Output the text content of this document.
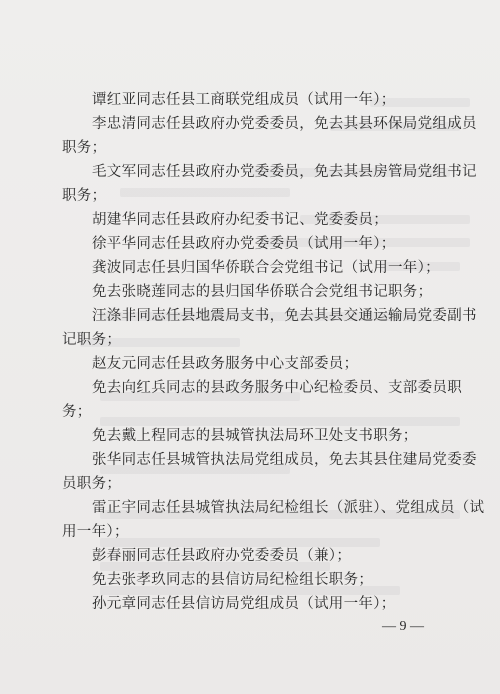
谭红亚同志任县工商联党组成员（试用一年）；
李忠清同志任县政府办党委委员，免去其县环保局党组成员
职务；
毛文军同志任县政府办党委委员，免去其县房管局党组书记
职务；
胡建华同志任县政府办纪委书记、党委委员；
徐平华同志任县政府办党委委员（试用一年）；
龚波同志任县归国华侨联合会党组书记（试用一年）；
免去张晓莲同志的县归国华侨联合会党组书记职务；
汪涤非同志任县地震局支书，免去其县交通运输局党委副书
记职务；
赵友元同志任县政务服务中心支部委员；
免去向红兵同志的县政务服务中心纪检委员、支部委员职
务；
免去戴上程同志的县城管执法局环卫处支书职务；
张华同志任县城管执法局党组成员，免去其县住建局党委委
员职务；
雷正宇同志任县城管执法局纪检组长（派驻）、党组成员（试
用一年）；
彭春丽同志任县政府办党委委员（兼）；
免去张孝玖同志的县信访局纪检组长职务；
孙元章同志任县信访局党组成员（试用一年）；
— 9 —
